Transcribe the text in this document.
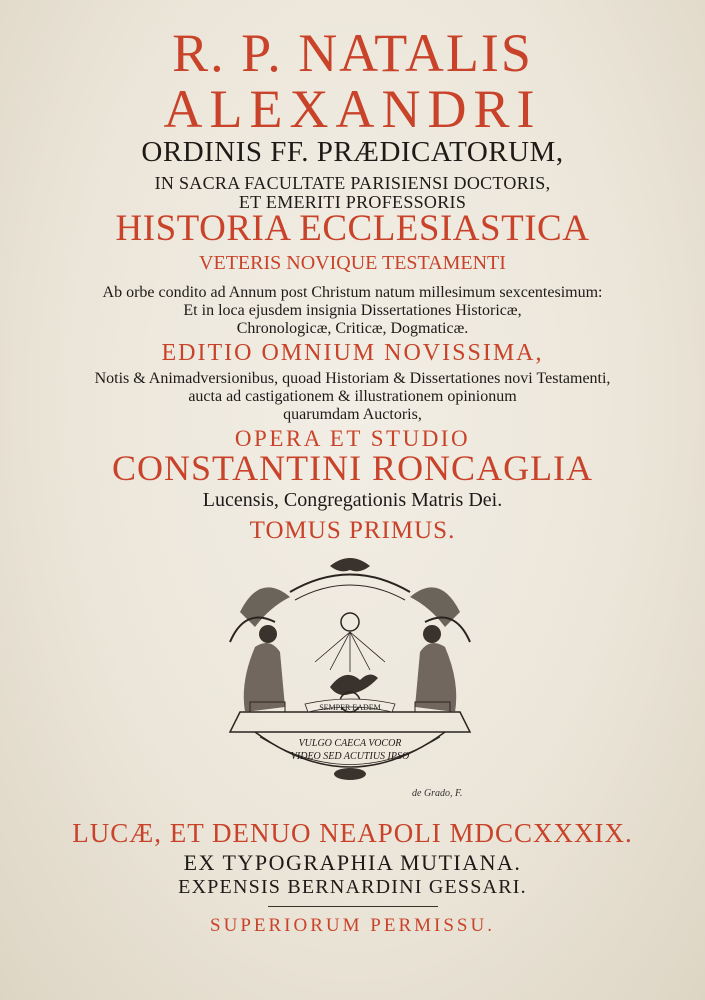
R. P. NATALIS
ALEXANDRI
ORDINIS FF. PRÆDICATORUM,
IN SACRA FACULTATE PARISIENSI DOCTORIS,
ET EMERITI PROFESSORIS
HISTORIA ECCLESIASTICA
VETERIS NOVIQUE TESTAMENTI
Ab orbe condito ad Annum post Christum natum millesimum sexcentesimum:
Et in loca ejusdem insignia Dissertationes Historicæ,
Chronologicæ, Criticæ, Dogmaticæ.
EDITIO OMNIUM NOVISSIMA,
Notis & Animadversionibus, quoad Historiam & Dissertationes novi Testamenti,
aucta ad castigationem & illustrationem opinionum
quarumdam Auctoris,
OPERA ET STUDIO
CONSTANTINI RONCAGLIA
Lucensis, Congregationis Matris Dei.
TOMUS PRIMUS.
SEMPER EADEM
VULGO CAECA VOCOR
VIDEO SED ACUTIUS IPSO
de Grado, F.
LUCÆ, ET DENUO NEAPOLI MDCCXXXIX.
EX TYPOGRAPHIA MUTIANA.
EXPENSIS BERNARDINI GESSARI.
SUPERIORUM PERMISSU.
